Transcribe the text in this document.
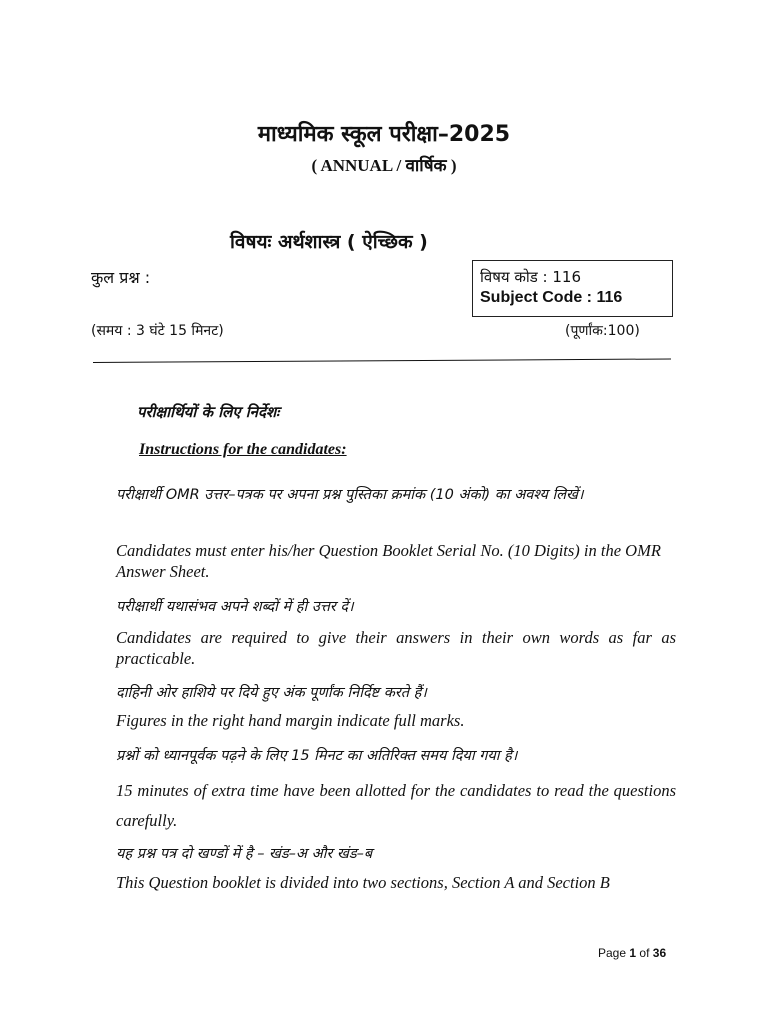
माध्यमिक स्कूल परीक्षा–2025
( ANNUAL / वार्षिक )
विषयः अर्थशास्त्र ( ऐच्छिक )
कुल प्रश्न :	विषय कोड : 116
Subject Code : 116
(समय : 3 घंटे 15 मिनट)	(पूर्णांक:100)
परीक्षार्थियों के लिए निर्देशः
Instructions for the candidates:
परीक्षार्थी OMR उत्तर–पत्रक पर अपना प्रश्न पुस्तिका क्रमांक (10 अंको) का अवश्य लिखें।
Candidates must enter his/her Question Booklet Serial No. (10 Digits) in the OMR Answer Sheet.
परीक्षार्थी यथासंभव अपने शब्दों में ही उत्तर दें।
Candidates are required to give their answers in their own words as far as practicable.
दाहिनी ओर हाशिये पर दिये हुए अंक पूर्णांक निर्दिष्ट करते हैं।
Figures in the right hand margin indicate full marks.
प्रश्नों को ध्यानपूर्वक पढ़ने के लिए 15 मिनट का अतिरिक्त समय दिया गया है।
15 minutes of extra time have been allotted for the candidates to read the questions carefully.
यह प्रश्न पत्र दो खण्डों में है – खंड–अ और खंड–ब
This Question booklet is divided into two sections, Section A and Section B
Page 1 of 36
